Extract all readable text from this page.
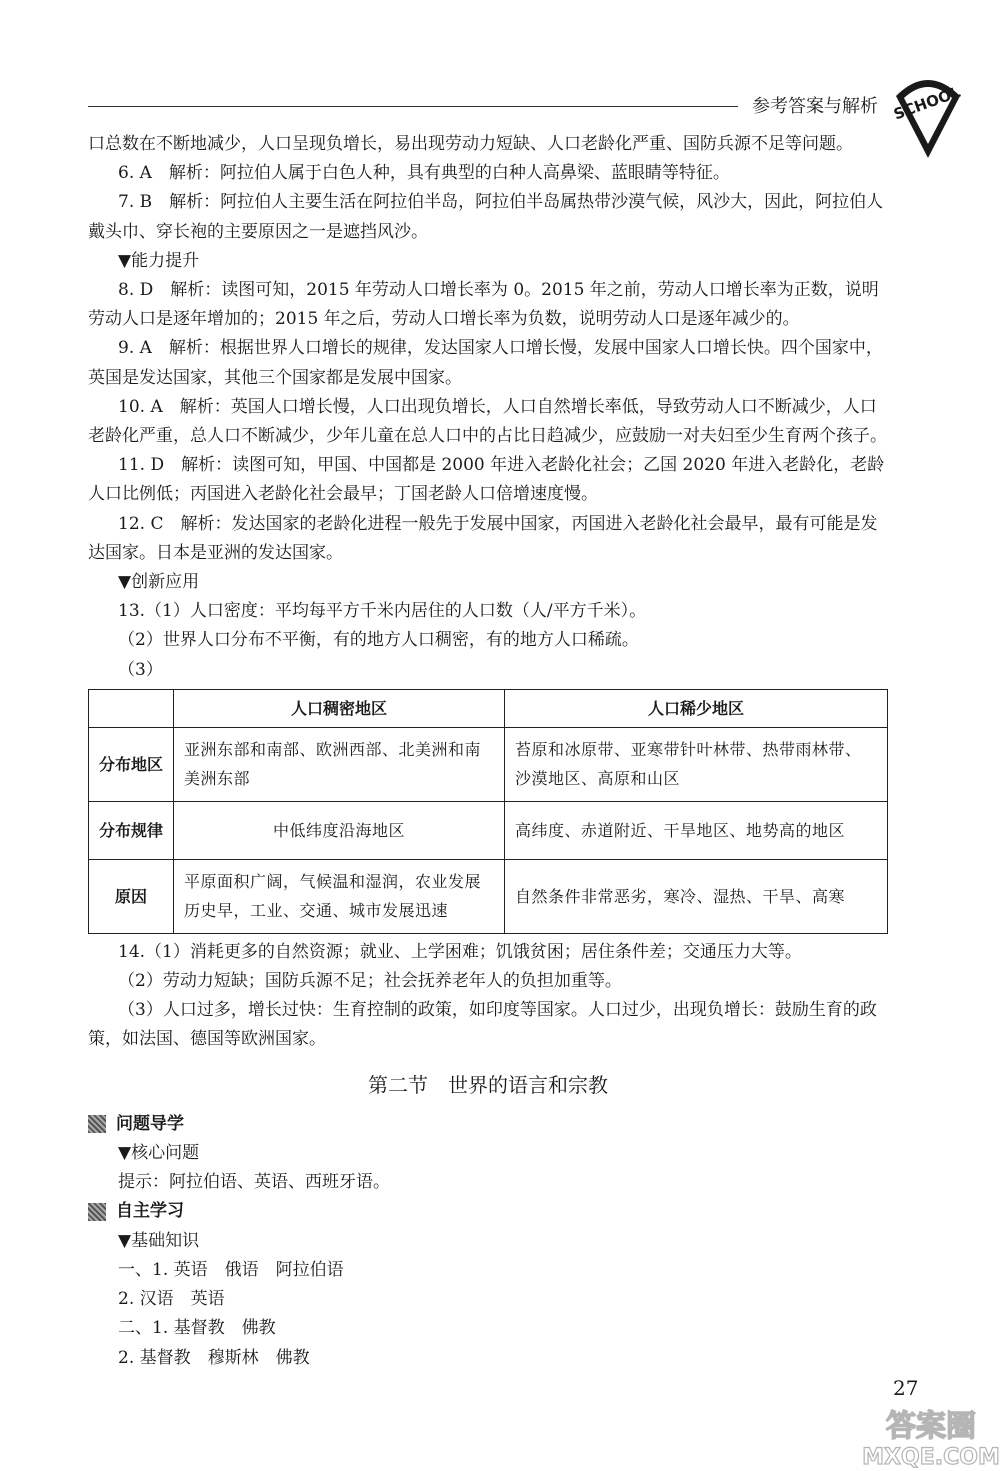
参考答案与解析 SCHOOL

口总数在不断地减少，人口呈现负增长，易出现劳动力短缺、人口老龄化严重、国防兵源不足等问题。

6. A　解析：阿拉伯人属于白色人种，具有典型的白种人高鼻梁、蓝眼睛等特征。

7. B　解析：阿拉伯人主要生活在阿拉伯半岛，阿拉伯半岛属热带沙漠气候，风沙大，因此，阿拉伯人戴头巾、穿长袍的主要原因之一是遮挡风沙。

▼能力提升

8. D　解析：读图可知，2015 年劳动人口增长率为 0。2015 年之前，劳动人口增长率为正数，说明劳动人口是逐年增加的；2015 年之后，劳动人口增长率为负数，说明劳动人口是逐年减少的。

9. A　解析：根据世界人口增长的规律，发达国家人口增长慢，发展中国家人口增长快。四个国家中，英国是发达国家，其他三个国家都是发展中国家。

10. A　解析：英国人口增长慢，人口出现负增长，人口自然增长率低，导致劳动人口不断减少，人口老龄化严重，总人口不断减少，少年儿童在总人口中的占比日趋减少，应鼓励一对夫妇至少生育两个孩子。

11. D　解析：读图可知，甲国、中国都是 2000 年进入老龄化社会；乙国 2020 年进入老龄化，老龄人口比例低；丙国进入老龄化社会最早；丁国老龄人口倍增速度慢。

12. C　解析：发达国家的老龄化进程一般先于发展中国家，丙国进入老龄化社会最早，最有可能是发达国家。日本是亚洲的发达国家。

▼创新应用

13.（1）人口密度：平均每平方千米内居住的人口数（人/平方千米）。

（2）世界人口分布不平衡，有的地方人口稠密，有的地方人口稀疏。

（3）

	人口稠密地区	人口稀少地区
分布地区	亚洲东部和南部、欧洲西部、北美洲和南美洲东部	苔原和冰原带、亚寒带针叶林带、热带雨林带、沙漠地区、高原和山区
分布规律	中低纬度沿海地区	高纬度、赤道附近、干旱地区、地势高的地区
原因	平原面积广阔，气候温和湿润，农业发展历史早，工业、交通、城市发展迅速	自然条件非常恶劣，寒冷、湿热、干旱、高寒

14.（1）消耗更多的自然资源；就业、上学困难；饥饿贫困；居住条件差；交通压力大等。

（2）劳动力短缺；国防兵源不足；社会抚养老年人的负担加重等。

（3）人口过多，增长过快：生育控制的政策，如印度等国家。人口过少，出现负增长：鼓励生育的政策，如法国、德国等欧洲国家。

第二节　世界的语言和宗教
问题导学

▼核心问题

提示：阿拉伯语、英语、西班牙语。

自主学习

▼基础知识

一、1. 英语　俄语　阿拉伯语

2. 汉语　英语

二、1. 基督教　佛教

2. 基督教　穆斯林　佛教

27
答案圈
MXQE.COM
